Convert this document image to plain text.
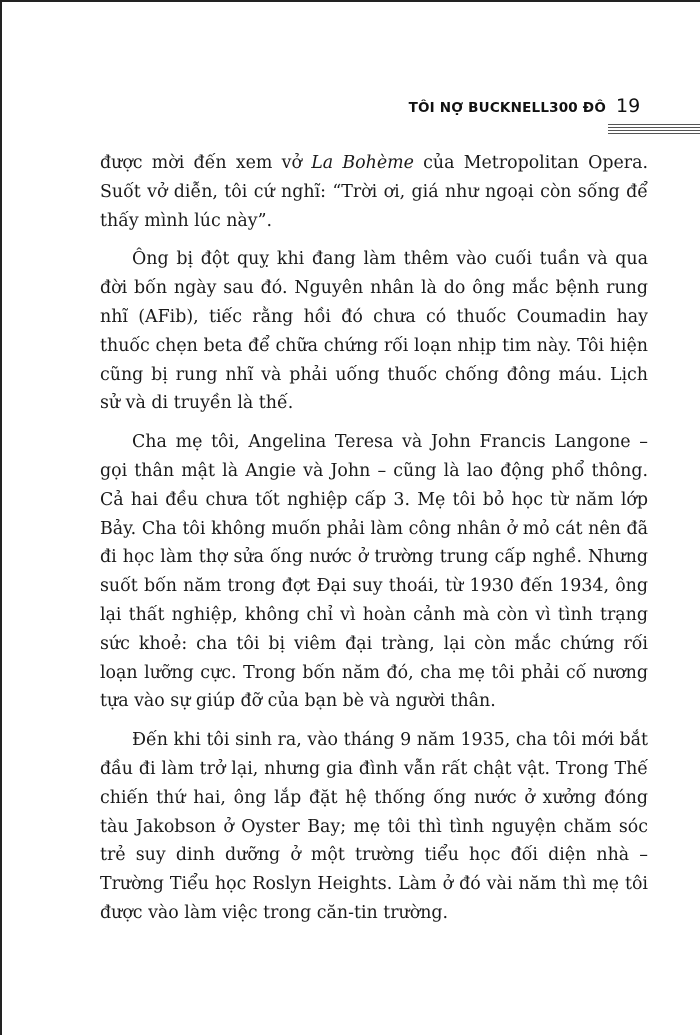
TÔI NỢ BUCKNELL300 ĐÔ 19

được mời đến xem vở La Bohème của Metropolitan Opera. Suốt vở diễn, tôi cứ nghĩ: “Trời ơi, giá như ngoại còn sống để thấy mình lúc này”.

Ông bị đột quỵ khi đang làm thêm vào cuối tuần và qua đời bốn ngày sau đó. Nguyên nhân là do ông mắc bệnh rung nhĩ (AFib), tiếc rằng hồi đó chưa có thuốc Coumadin hay thuốc chẹn beta để chữa chứng rối loạn nhịp tim này. Tôi hiện cũng bị rung nhĩ và phải uống thuốc chống đông máu. Lịch sử và di truyền là thế.

Cha mẹ tôi, Angelina Teresa và John Francis Langone – gọi thân mật là Angie và John – cũng là lao động phổ thông. Cả hai đều chưa tốt nghiệp cấp 3. Mẹ tôi bỏ học từ năm lớp Bảy. Cha tôi không muốn phải làm công nhân ở mỏ cát nên đã đi học làm thợ sửa ống nước ở trường trung cấp nghề. Nhưng suốt bốn năm trong đợt Đại suy thoái, từ 1930 đến 1934, ông lại thất nghiệp, không chỉ vì hoàn cảnh mà còn vì tình trạng sức khoẻ: cha tôi bị viêm đại tràng, lại còn mắc chứng rối loạn lưỡng cực. Trong bốn năm đó, cha mẹ tôi phải cố nương tựa vào sự giúp đỡ của bạn bè và người thân.

Đến khi tôi sinh ra, vào tháng 9 năm 1935, cha tôi mới bắt đầu đi làm trở lại, nhưng gia đình vẫn rất chật vật. Trong Thế chiến thứ hai, ông lắp đặt hệ thống ống nước ở xưởng đóng tàu Jakobson ở Oyster Bay; mẹ tôi thì tình nguyện chăm sóc trẻ suy dinh dưỡng ở một trường tiểu học đối diện nhà – Trường Tiểu học Roslyn Heights. Làm ở đó vài năm thì mẹ tôi được vào làm việc trong căn-tin trường.
